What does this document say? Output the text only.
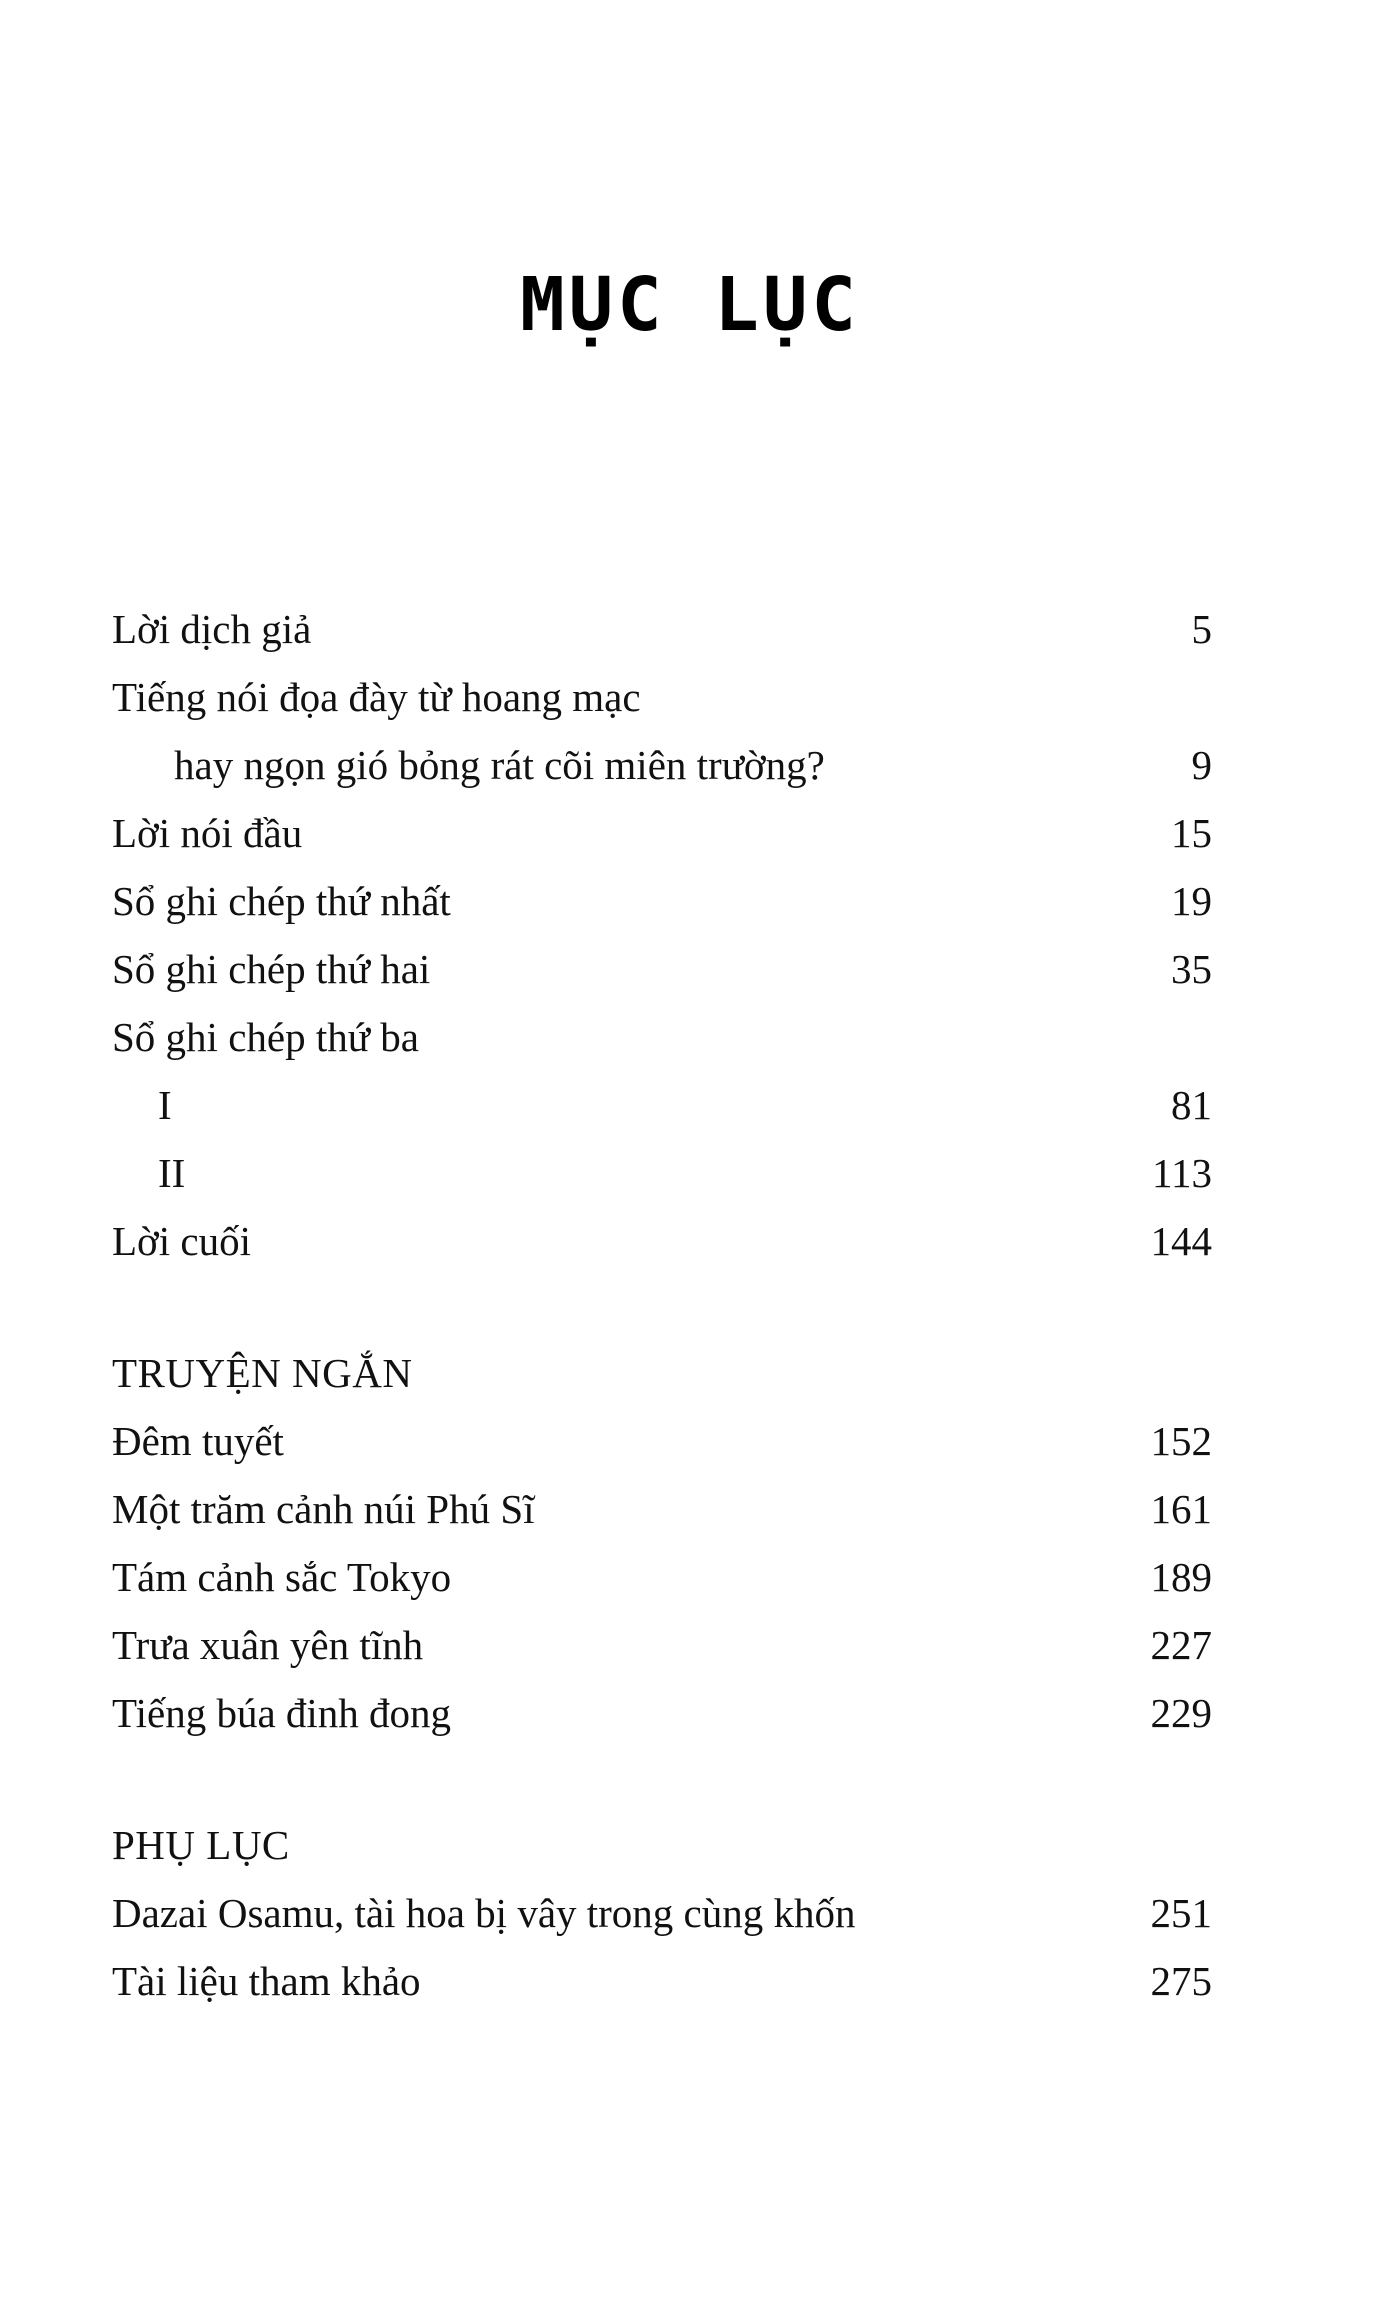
MỤC LỤC
Lời dịch giả	5
Tiếng nói đọa đày từ hoang mạc
hay ngọn gió bỏng rát cõi miên trường?	9
Lời nói đầu	15
Sổ ghi chép thứ nhất	19
Sổ ghi chép thứ hai	35
Sổ ghi chép thứ ba
I	81
II	113
Lời cuối	144
TRUYỆN NGẮN
Đêm tuyết	152
Một trăm cảnh núi Phú Sĩ	161
Tám cảnh sắc Tokyo	189
Trưa xuân yên tĩnh	227
Tiếng búa đinh đong	229
PHỤ LỤC
Dazai Osamu, tài hoa bị vây trong cùng khốn	251
Tài liệu tham khảo	275
